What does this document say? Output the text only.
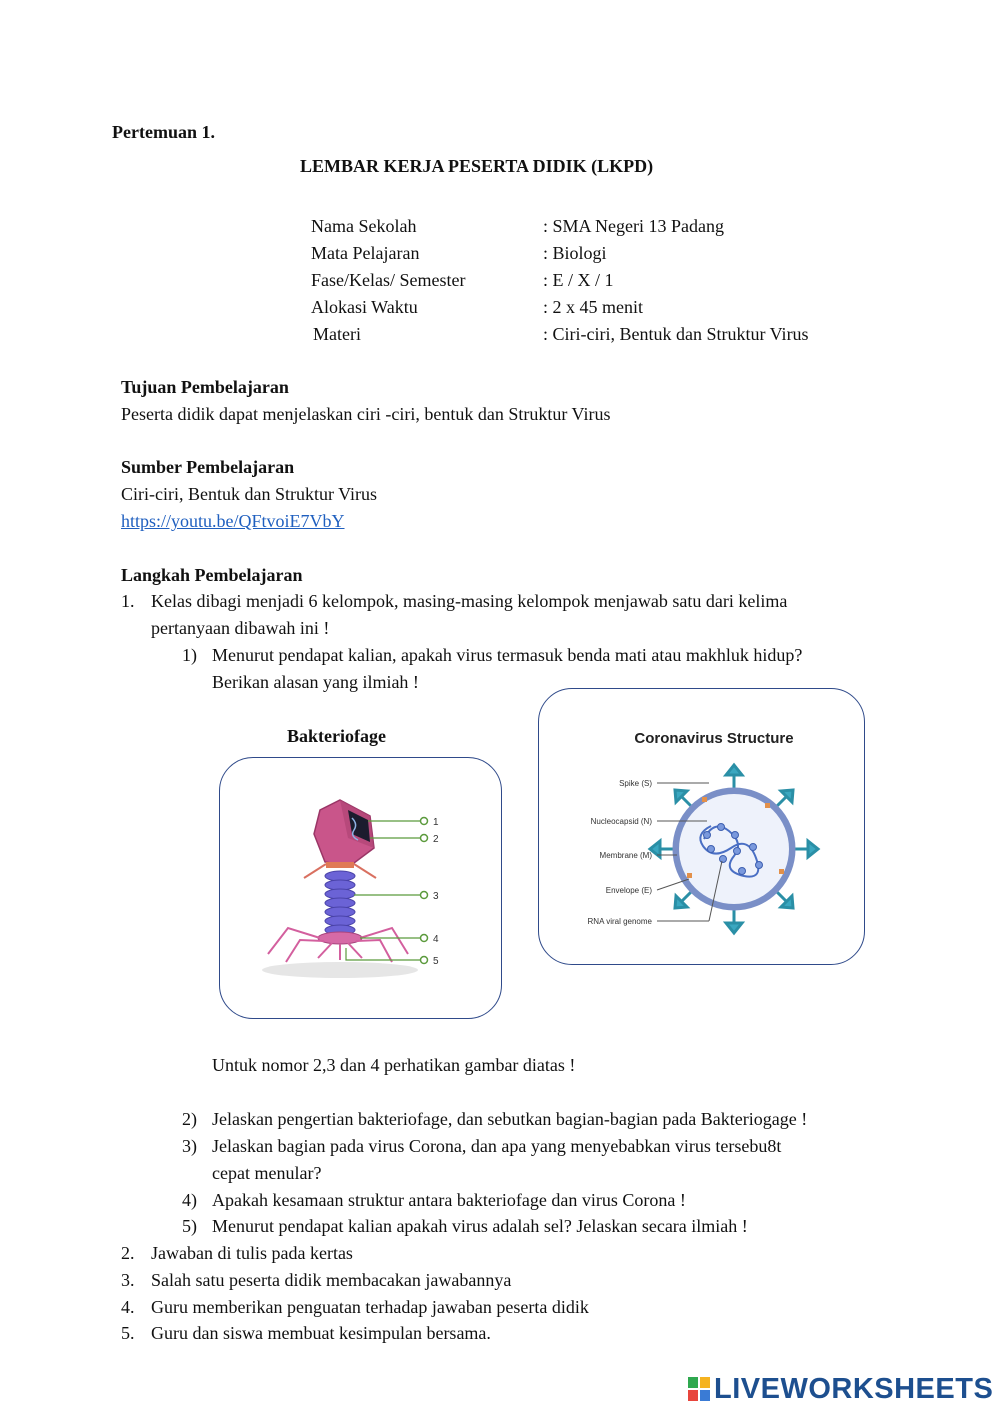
Pertemuan 1.
LEMBAR KERJA PESERTA DIDIK (LKPD)
Nama Sekolah	: SMA Negeri 13 Padang
Mata Pelajaran	: Biologi
Fase/Kelas/ Semester	: E / X / 1
Alokasi Waktu	: 2 x 45 menit
Materi	: Ciri-ciri, Bentuk dan Struktur Virus
Tujuan Pembelajaran
Peserta didik dapat menjelaskan ciri -ciri, bentuk dan Struktur Virus
Sumber Pembelajaran
Ciri-ciri, Bentuk dan Struktur Virus
https://youtu.be/QFtvoiE7VbY
Langkah Pembelajaran
1. Kelas dibagi menjadi 6 kelompok, masing-masing kelompok menjawab satu dari kelima
pertanyaan dibawah ini !
1) Menurut pendapat kalian, apakah virus termasuk benda mati atau makhluk hidup?
Berikan alasan yang ilmiah !
Bakteriofage
1
2
3
4
5
Coronavirus Structure
Spike (S)
Nucleocapsid (N)
Membrane (M)
Envelope (E)
RNA viral genome
Untuk nomor 2,3 dan 4 perhatikan gambar diatas !
2) Jelaskan pengertian bakteriofage, dan sebutkan bagian-bagian pada Bakteriogage !
3) Jelaskan bagian pada virus Corona, dan apa yang menyebabkan virus tersebu8t
cepat menular?
4) Apakah kesamaan struktur antara bakteriofage dan virus Corona !
5) Menurut pendapat kalian apakah virus adalah sel? Jelaskan secara ilmiah !
2. Jawaban di tulis pada kertas
3. Salah satu peserta didik membacakan jawabannya
4. Guru memberikan penguatan terhadap jawaban peserta didik
5. Guru dan siswa membuat kesimpulan bersama.
LIVEWORKSHEETS
